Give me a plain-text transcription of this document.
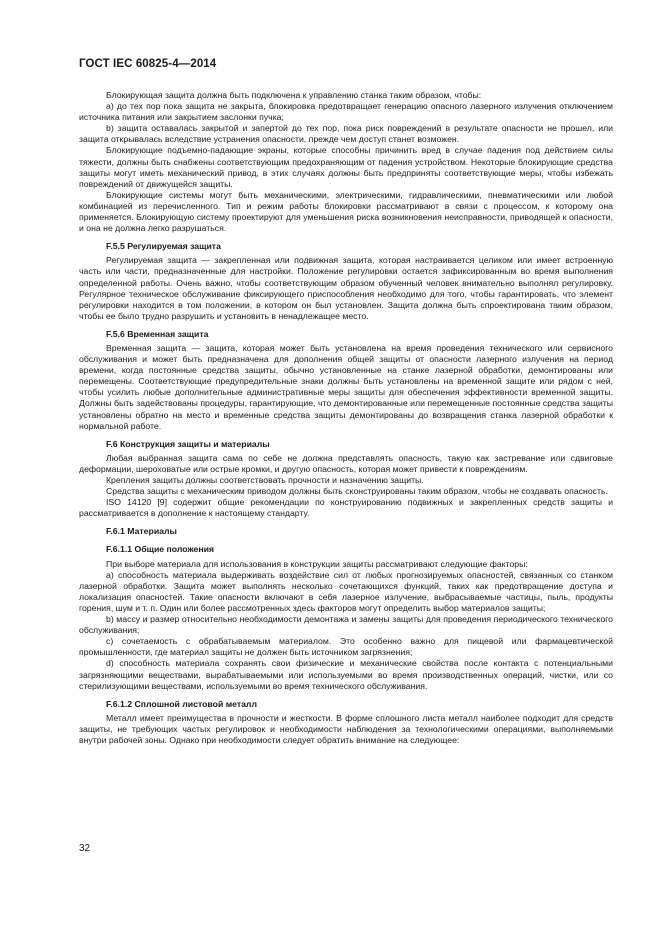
ГОСТ IEC 60825-4—2014

Блокирующая защита должна быть подключена к управлению станка таким образом, чтобы:

а) до тех пор пока защита не закрыта, блокировка предотвращает генерацию опасного лазерного излучения отключением источника питания или закрытием заслонки пучка;

b) защита оставалась закрытой и запертой до тех пор, пока риск повреждений в результате опасности не прошел, или защита открывалась вследствие устранения опасности, прежде чем доступ станет возможен.

Блокирующие подъемно-падающие экраны, которые способны причинить вред в случае падения под действием силы тяжести, должны быть снабжены соответствующим предохраняющим от падения устройством. Некоторые блокирующие средства защиты могут иметь механический привод, в этих случаях должны быть предприняты соответствующие меры, чтобы избежать повреждений от движущейся защиты.

Блокирующие системы могут быть механическими, электрическими, гидравлическими, пневматическими или любой комбинацией из перечисленного. Тип и режим работы блокировки рассматривают в связи с процессом, к которому она применяется. Блокирующую систему проектируют для уменьшения риска возникновения неисправности, приводящей к опасности, и она не должна легко разрушаться.

F.5.5 Регулируемая защита

Регулируемая защита — закрепленная или подвижная защита, которая настраивается целиком или имеет встроенную часть или части, предназначенные для настройки. Положение регулировки остается зафиксированным во время выполнения определенной работы. Очень важно, чтобы соответствующим образом обученный человек внимательно выполнял регулировку. Регулярное техническое обслуживание фиксирующего приспособления необходимо для того, чтобы гарантировать, что элемент регулировки находится в том положении, в котором он был установлен. Защита должна быть спроектирована таким образом, чтобы ее было трудно разрушить и установить в ненадлежащее место.

F.5.6 Временная защита

Временная защита — защита, которая может быть установлена на время проведения технического или сервисного обслуживания и может быть предназначена для дополнения общей защиты от опасности лазерного излучения на период времени, когда постоянные средства защиты, обычно установленные на станке лазерной обработки, демонтированы или перемещены. Соответствующие предупредительные знаки должны быть установлены на временной защите или рядом с ней, чтобы усилить любые дополнительные административные меры защиты для обеспечения эффективности временной защиты. Должны быть задействованы процедуры, гарантирующие, что демонтированные или перемещенные постоянные средства защиты установлены обратно на место и временные средства защиты демонтированы до возвращения станка лазерной обработки к нормальной работе.

F.6 Конструкция защиты и материалы

Любая выбранная защита сама по себе не должна представлять опасность, такую как застревание или сдвиговые деформации, шероховатые или острые кромки, и другую опасность, которая может привести к повреждениям.

Крепления защиты должны соответствовать прочности и назначению защиты.

Средства защиты с механическим приводом должны быть сконструированы таким образом, чтобы не создавать опасность.

ISO 14120 [9] содержит общие рекомендации по конструированию подвижных и закрепленных средств защиты и рассматривается в дополнение к настоящему стандарту.

F.6.1 Материалы
F.6.1.1 Общие положения

При выборе материала для использования в конструкции защиты рассматривают следующие факторы:

а) способность материала выдерживать воздействие сил от любых прогнозируемых опасностей, связанных со станком лазерной обработки. Защита может выполнять несколько сочетающихся функций, таких как предотвращение доступа и локализация опасностей. Такие опасности включают в себя лазерное излучение, выбрасываемые частицы, пыль, продукты горения, шум и т. п. Один или более рассмотренных здесь факторов могут определить выбор материалов защиты;

b) массу и размер относительно необходимости демонтажа и замены защиты для проведения периодического технического обслуживания;

c) сочетаемость с обрабатываемым материалом. Это особенно важно для пищевой или фармацевтической промышленности, где материал защиты не должен быть источником загрязнения;

d) способность материала сохранять свои физические и механические свойства после контакта с потенциальными загрязняющими веществами, вырабатываемыми или используемыми во время производственных операций, чистки, или со стерилизующими веществами, используемыми во время технического обслуживания.

F.6.1.2 Сплошной листовой металл

Металл имеет преимущества в прочности и жесткости. В форме сплошного листа металл наиболее подходит для средств защиты, не требующих частых регулировок и необходимости наблюдения за технологическими операциями, выполняемыми внутри рабочей зоны. Однако при необходимости следует обратить внимание на следующее:

32
